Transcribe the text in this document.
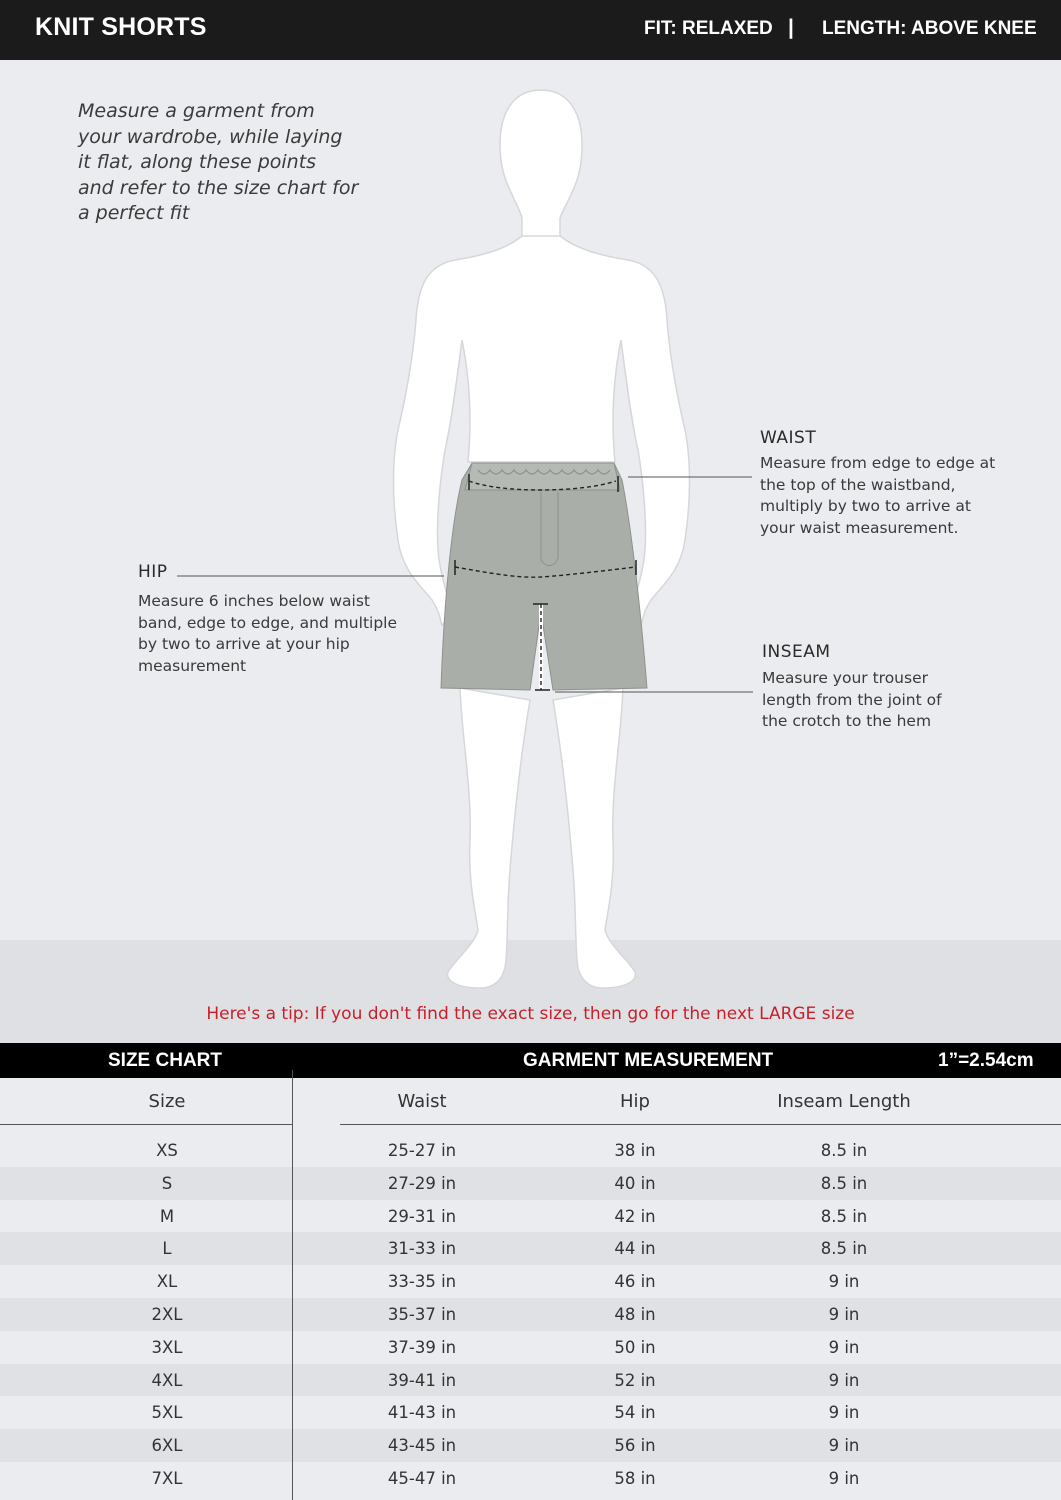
KNIT SHORTS	FIT: RELAXED | LENGTH: ABOVE KNEE
Measure a garment from
your wardrobe, while laying
it flat, along these points
and refer to the size chart for
a perfect fit
WAIST
Measure from edge to edge at
the top of the waistband,
multiply by two to arrive at
your waist measurement.
HIP
Measure 6 inches below waist
band, edge to edge, and multiple
by two to arrive at your hip
measurement
INSEAM
Measure your trouser
length from the joint of
the crotch to the hem
Here's a tip: If you don't find the exact size, then go for the next LARGE size
SIZE CHART	GARMENT MEASUREMENT	1”=2.54cm
Size	Waist	Hip	Inseam Length
XS	25-27 in	38 in	8.5 in
S	27-29 in	40 in	8.5 in
M	29-31 in	42 in	8.5 in
L	31-33 in	44 in	8.5 in
XL	33-35 in	46 in	9 in
2XL	35-37 in	48 in	9 in
3XL	37-39 in	50 in	9 in
4XL	39-41 in	52 in	9 in
5XL	41-43 in	54 in	9 in
6XL	43-45 in	56 in	9 in
7XL	45-47 in	58 in	9 in
